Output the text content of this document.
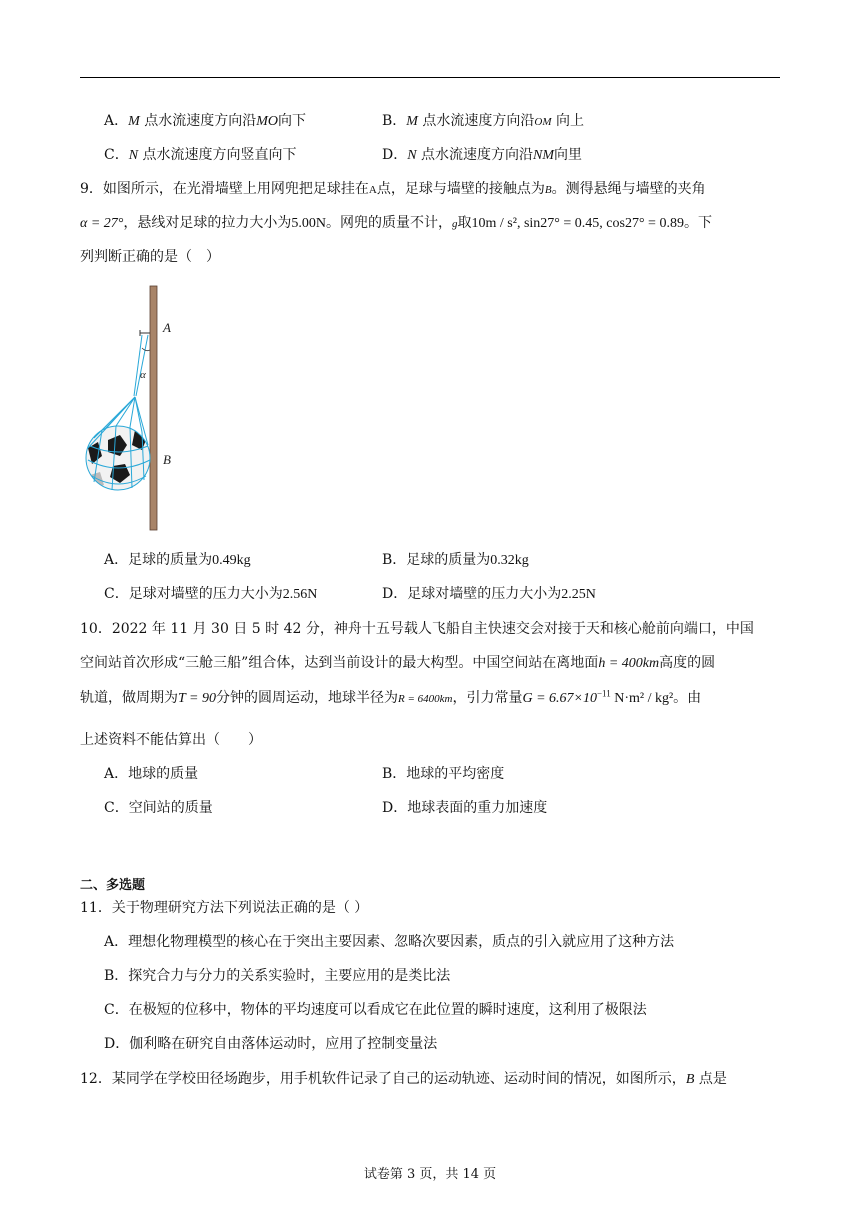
A．M 点水流速度方向沿MO向下	B．M 点水流速度方向沿OM 向上
C．N 点水流速度方向竖直向下	D．N 点水流速度方向沿NM向里
9．如图所示，在光滑墙壁上用网兜把足球挂在A点，足球与墙壁的接触点为B。测得悬绳与墙壁的夹角
α = 27°，悬线对足球的拉力大小为5.00N。网兜的质量不计，g取10m / s², sin27° = 0.45, cos27° = 0.89。下
列判断正确的是（　）
A
α
B
A．足球的质量为0.49kg	B．足球的质量为0.32kg
C．足球对墙壁的压力大小为2.56N	D．足球对墙壁的压力大小为2.25N
10．2022 年 11 月 30 日 5 时 42 分，神舟十五号载人飞船自主快速交会对接于天和核心舱前向端口，中国
空间站首次形成“三舱三船”组合体，达到当前设计的最大构型。中国空间站在离地面h = 400km高度的圆
轨道，做周期为T = 90分钟的圆周运动，地球半径为R = 6400km，引力常量$G = 6.67\times 10^{-11}$ N·m² / kg²。由
上述资料不能估算出（　　）
A．地球的质量	B．地球的平均密度
C．空间站的质量	D．地球表面的重力加速度
二、多选题
11．关于物理研究方法下列说法正确的是（ ）
A．理想化物理模型的核心在于突出主要因素、忽略次要因素，质点的引入就应用了这种方法
B．探究合力与分力的关系实验时，主要应用的是类比法
C．在极短的位移中，物体的平均速度可以看成它在此位置的瞬时速度，这利用了极限法
D．伽利略在研究自由落体运动时，应用了控制变量法
12．某同学在学校田径场跑步，用手机软件记录了自己的运动轨迹、运动时间的情况，如图所示，B 点是
试卷第 3 页，共 14 页
